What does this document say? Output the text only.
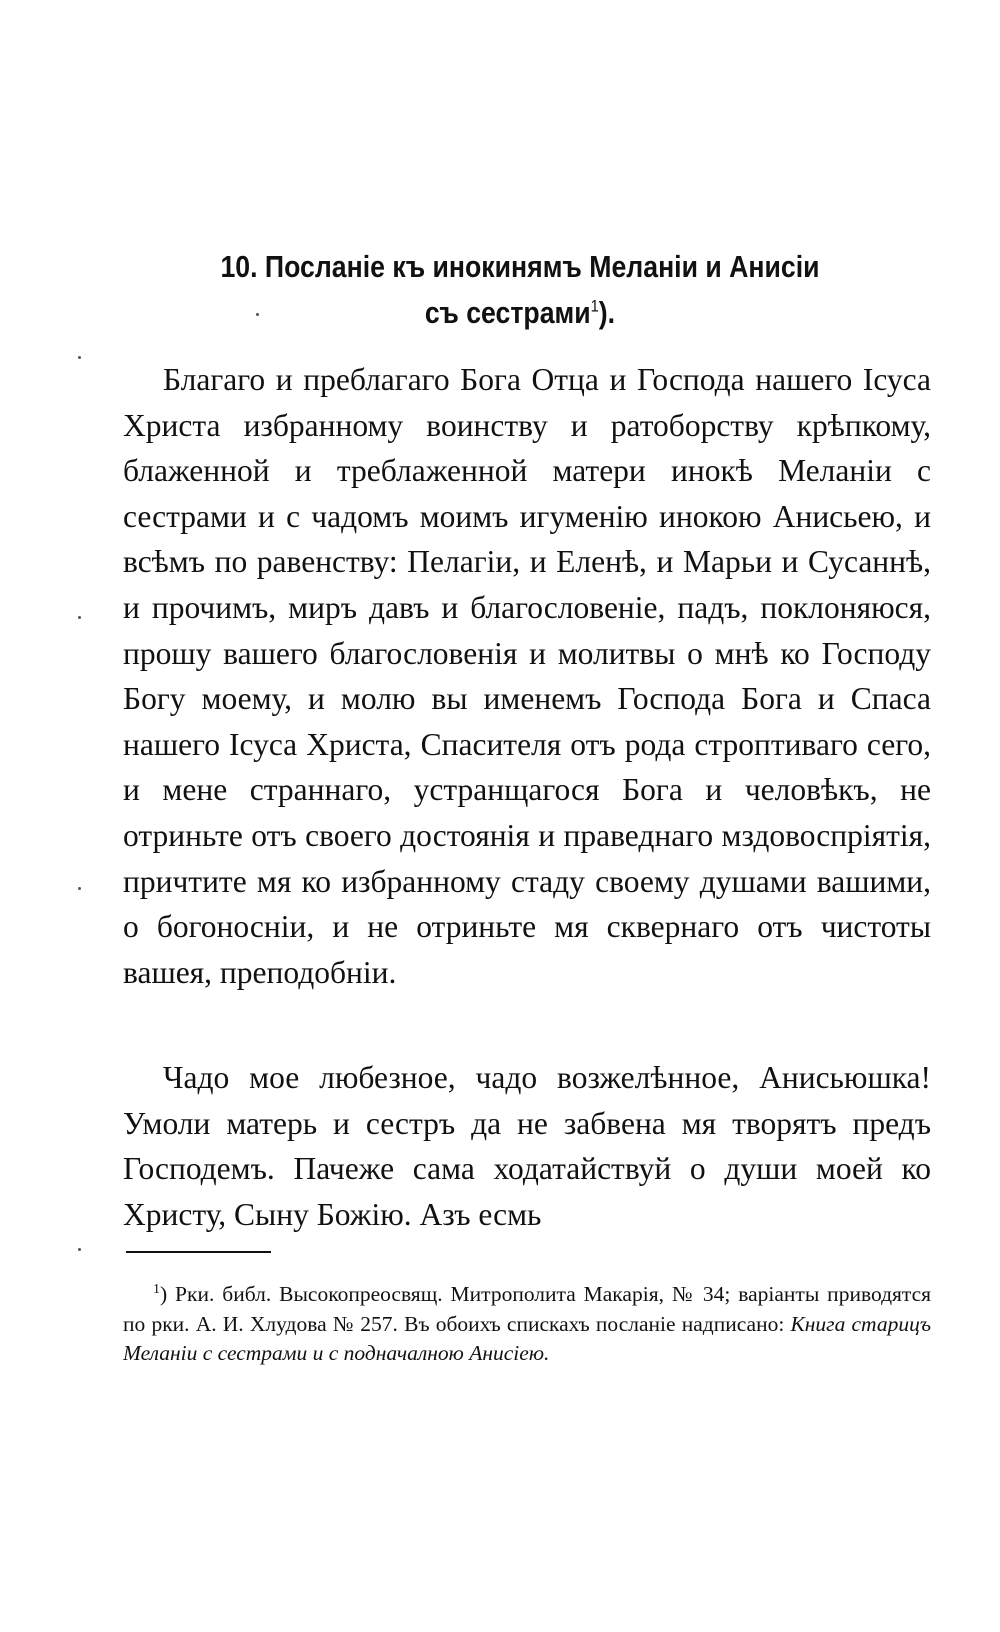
10. Посланіе къ инокинямъ Меланіи и Анисіи
съ сестрами$^1$).

Благаго и преблагаго Бога Отца и Господа нашего Ісуса Христа избранному воинству и ратоборству крѣпкому, блаженной и треблаженной матери инокѣ Меланіи с сестрами и с чадомъ моимъ игуменію инокою Анисьею, и всѣмъ по равенству: Пелагіи, и Еленѣ, и Марьи и Сусаннѣ, и прочимъ, миръ давъ и благословеніе, падъ, поклоняюся, прошу вашего благословенія и молитвы о мнѣ ко Господу Богу моему, и молю вы именемъ Господа Бога и Спаса нашего Ісуса Христа, Спасителя отъ рода строптиваго сего, и мене страннаго, устранщагося Бога и человѣкъ, не отриньте отъ своего достоянія и праведнаго мздовоспріятія, причтите мя ко избранному стаду своему душами вашими, о богоносніи, и не отриньте мя сквернаго отъ чистоты вашея, преподобніи.

Чадо мое любезное, чадо возжелѣнное, Анисьюшка! Умоли матерь и сестръ да не забвена мя творятъ предъ Господемъ. Пачеже сама ходатайствуй о души моей ко Христу, Сыну Божію. Азъ есмь

$^1$) Рки. библ. Высокопреосвящ. Митрополита Макарія, № 34; варіанты приводятся по рки. А. И. Хлудова № 257. Въ обоихъ спискахъ посланіе надписано: Книга старицъ Меланіи с сестрами и с подначалною Анисіею.
